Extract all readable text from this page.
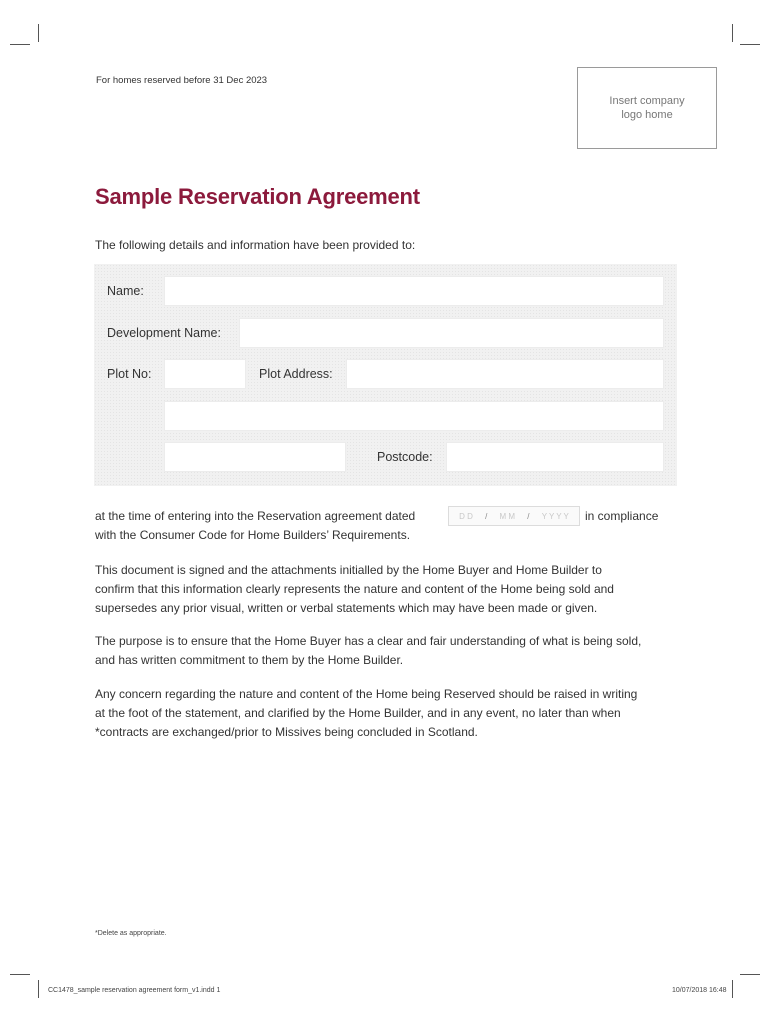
For homes reserved before 31 Dec 2023
Insert company
logo home
Sample Reservation Agreement
The following details and information have been provided to:
Name:
Development Name:
Plot No:	Plot Address:
Postcode:
at the time of entering into the Reservation agreement dated	D D / M M / Y Y Y Y in compliance
with the Consumer Code for Home Builders’ Requirements.
This document is signed and the attachments initialled by the Home Buyer and Home Builder to
confirm that this information clearly represents the nature and content of the Home being sold and
supersedes any prior visual, written or verbal statements which may have been made or given.
The purpose is to ensure that the Home Buyer has a clear and fair understanding of what is being sold,
and has written commitment to them by the Home Builder.
Any concern regarding the nature and content of the Home being Reserved should be raised in writing
at the foot of the statement, and clarified by the Home Builder, and in any event, no later than when
*contracts are exchanged/prior to Missives being concluded in Scotland.
*Delete as appropriate.
CC1478_sample reservation agreement form_v1.indd 1	10/07/2018 16:48
